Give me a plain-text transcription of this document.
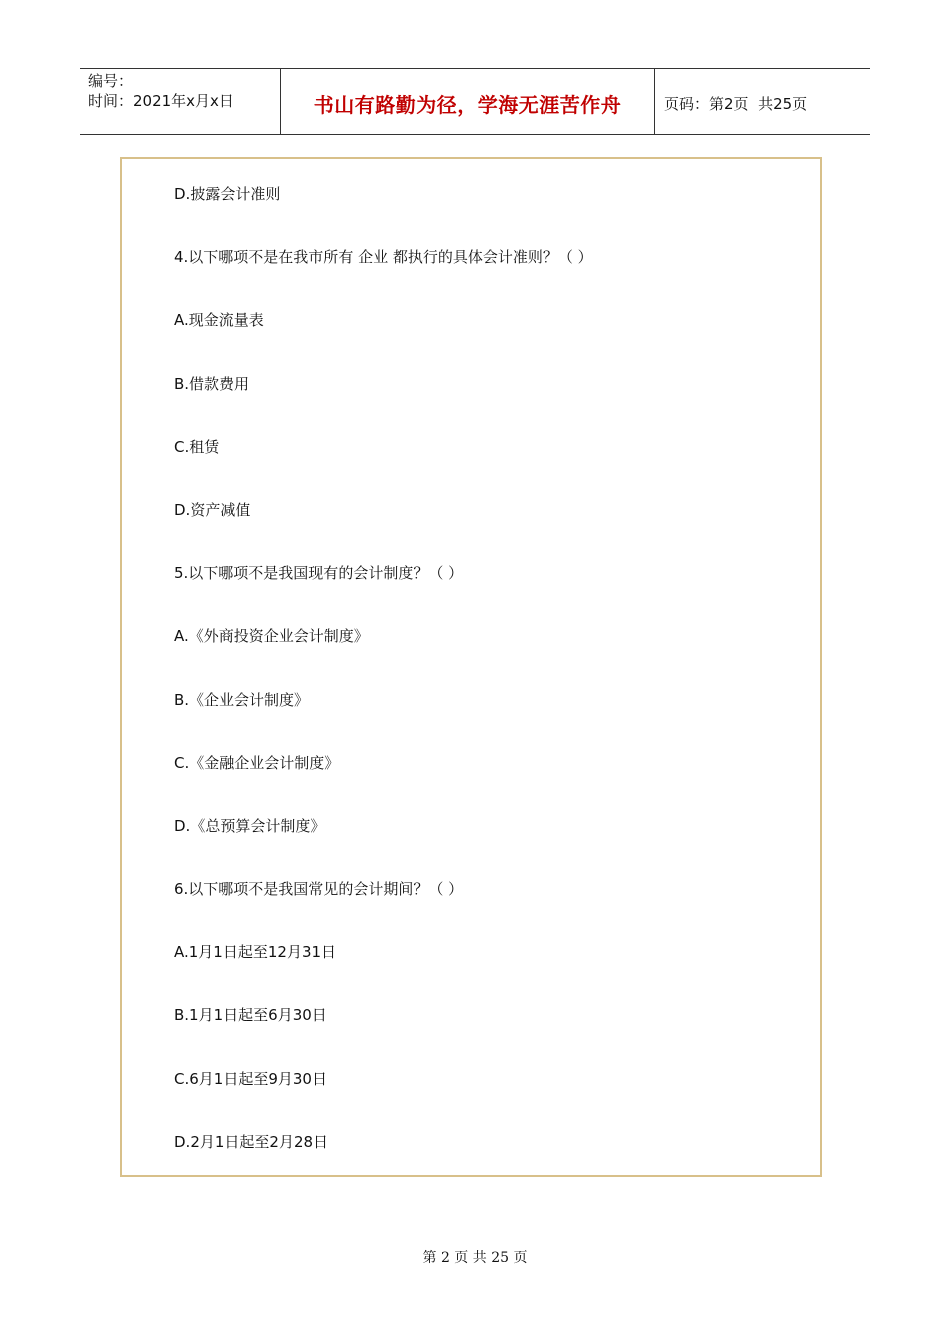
编号：
时间：2021年x月x日	书山有路勤为径，学海无涯苦作舟	页码：第2页  共25页
D.披露会计准则
4.以下哪项不是在我市所有 企业 都执行的具体会计准则？（ ）
A.现金流量表
B.借款费用
C.租赁
D.资产减值
5.以下哪项不是我国现有的会计制度？（ ）
A.《外商投资企业会计制度》
B.《企业会计制度》
C.《金融企业会计制度》
D.《总预算会计制度》
6.以下哪项不是我国常见的会计期间？（ ）
A.1月1日起至12月31日
B.1月1日起至6月30日
C.6月1日起至9月30日
D.2月1日起至2月28日
第 2 页 共 25 页
